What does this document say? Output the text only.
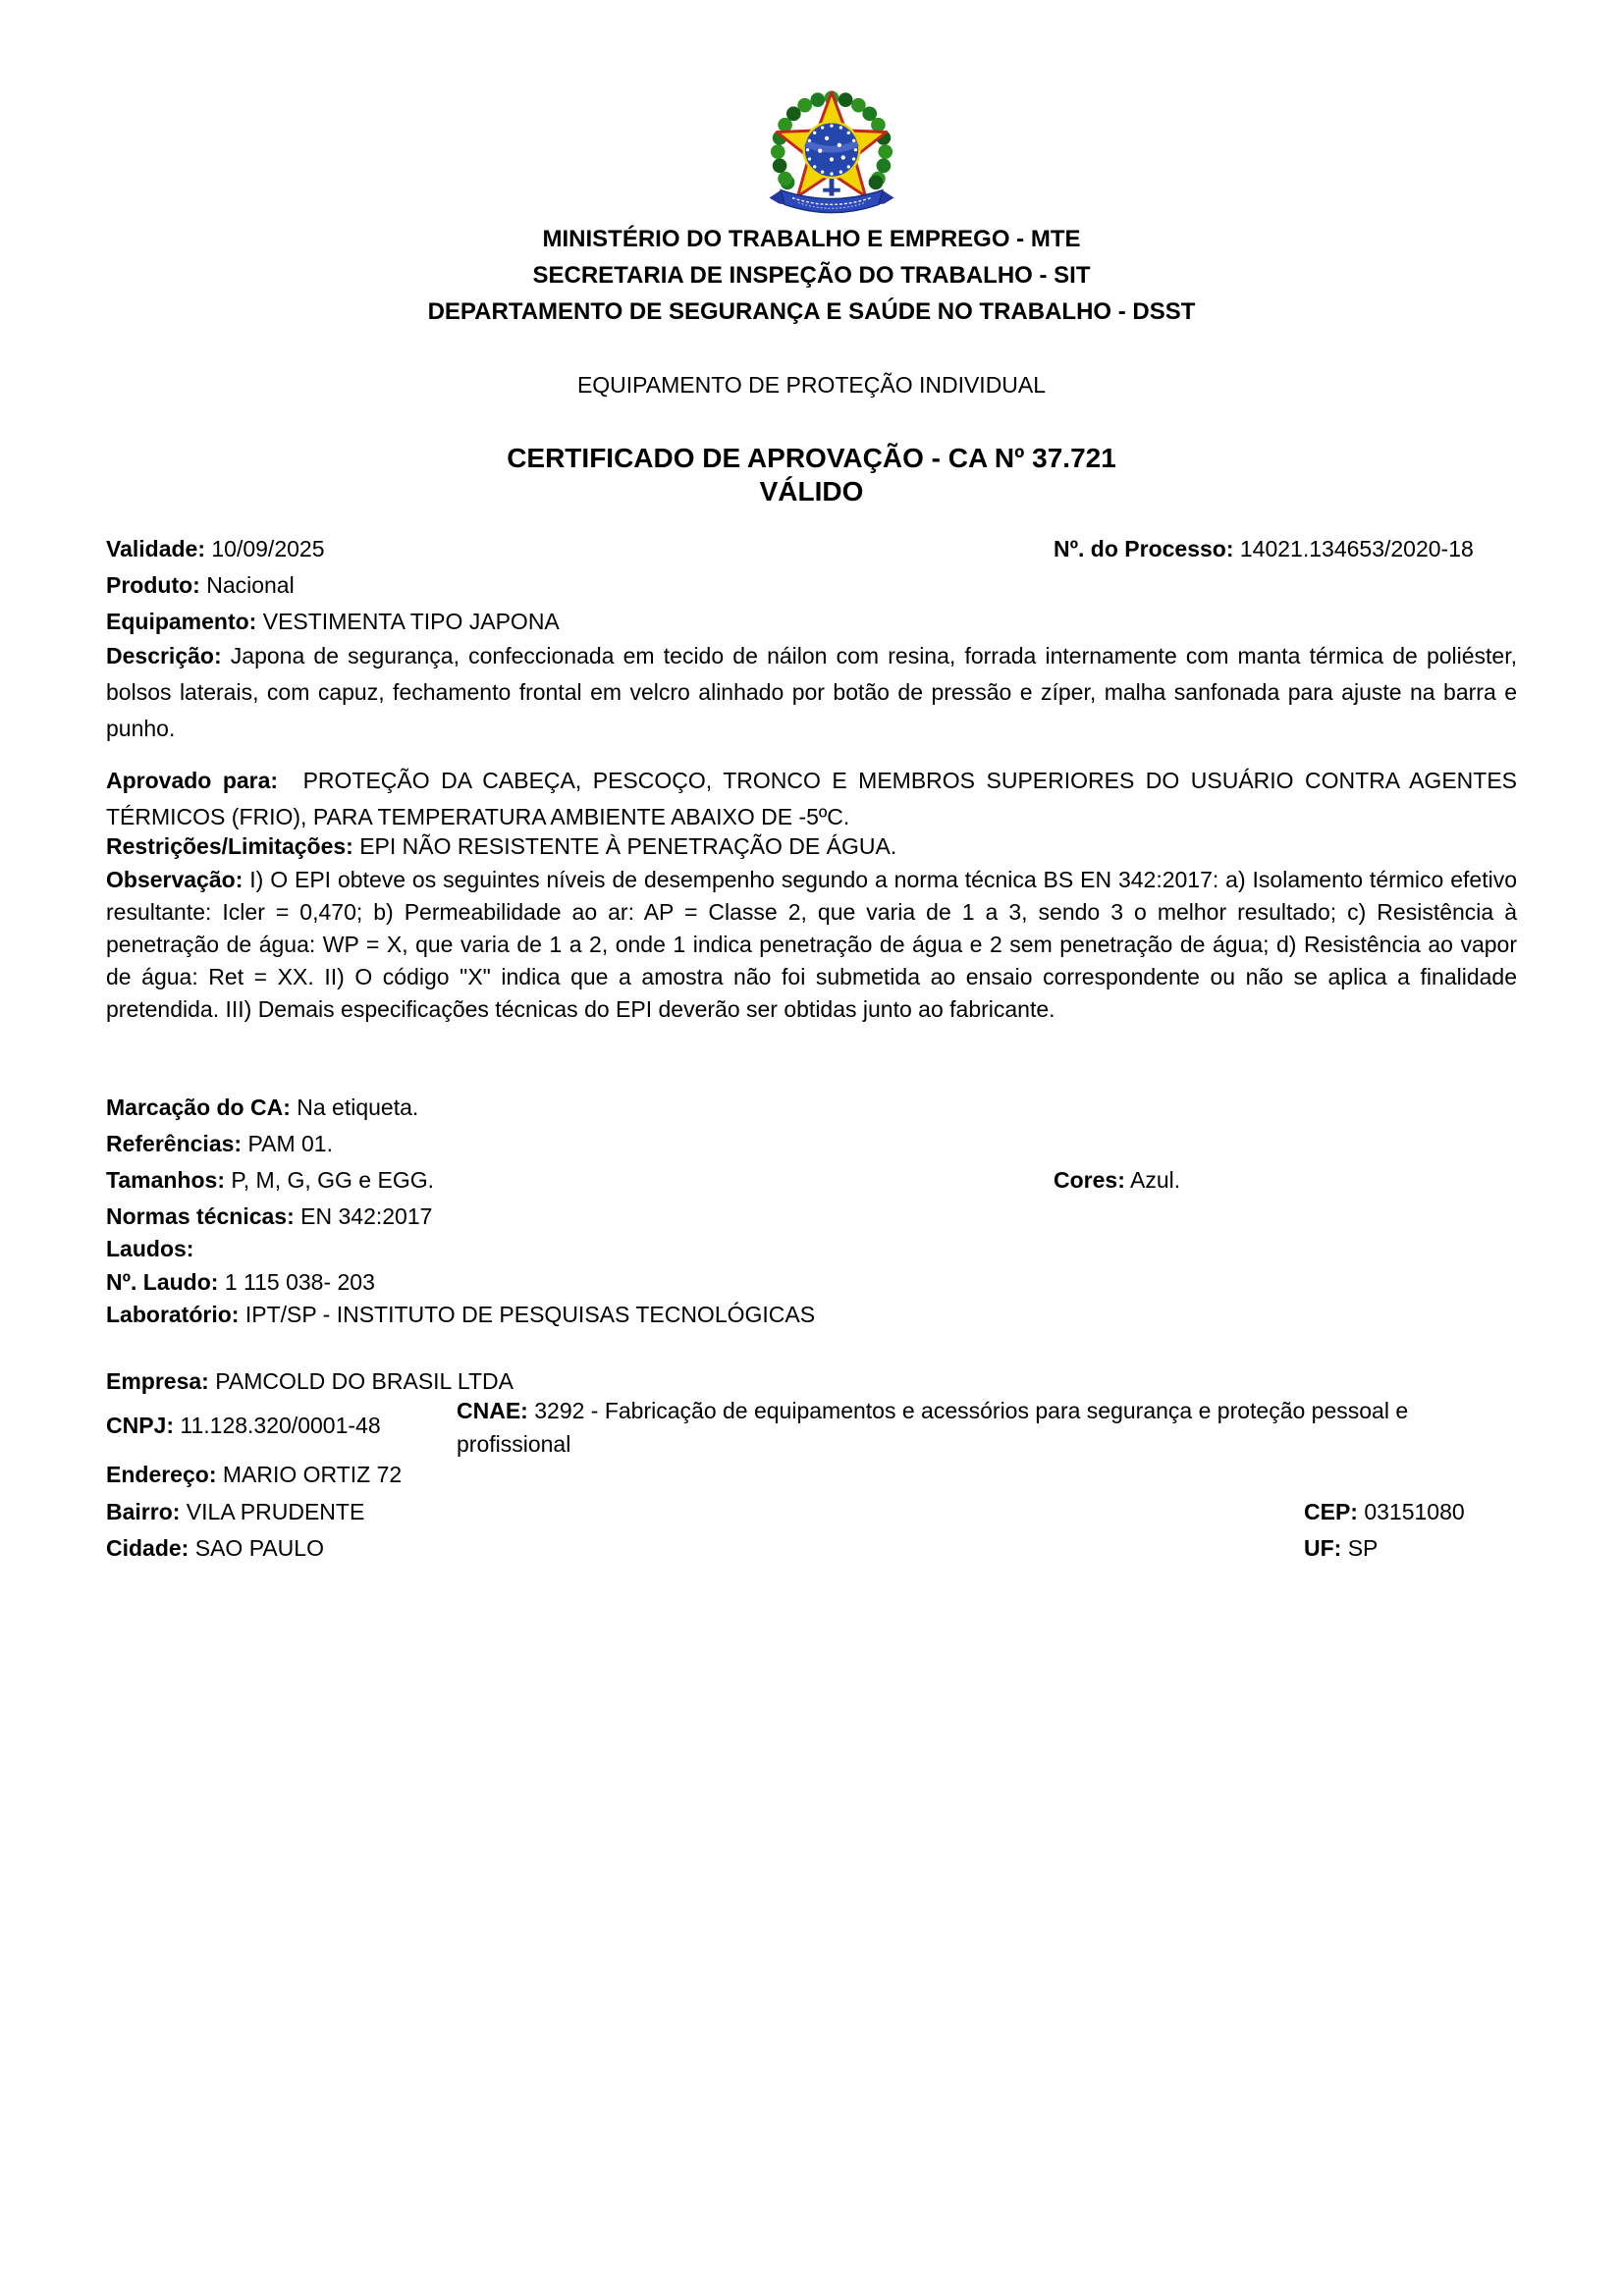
MINISTÉRIO DO TRABALHO E EMPREGO - MTE
SECRETARIA DE INSPEÇÃO DO TRABALHO - SIT
DEPARTAMENTO DE SEGURANÇA E SAÚDE NO TRABALHO - DSST
EQUIPAMENTO DE PROTEÇÃO INDIVIDUAL
CERTIFICADO DE APROVAÇÃO - CA Nº 37.721
VÁLIDO
Validade: 10/09/2025	Nº. do Processo: 14021.134653/2020-18
Produto: Nacional
Equipamento: VESTIMENTA TIPO JAPONA

Descrição: Japona de segurança, confeccionada em tecido de náilon com resina, forrada internamente com manta térmica de poliéster, bolsos laterais, com capuz, fechamento frontal em velcro alinhado por botão de pressão e zíper, malha sanfonada para ajuste na barra e punho.

Aprovado para: PROTEÇÃO DA CABEÇA, PESCOÇO, TRONCO E MEMBROS SUPERIORES DO USUÁRIO CONTRA AGENTES TÉRMICOS (FRIO), PARA TEMPERATURA AMBIENTE ABAIXO DE -5ºC.

Restrições/Limitações: EPI NÃO RESISTENTE À PENETRAÇÃO DE ÁGUA.

Observação: I) O EPI obteve os seguintes níveis de desempenho segundo a norma técnica BS EN 342:2017: a) Isolamento térmico efetivo resultante: Icler = 0,470; b) Permeabilidade ao ar: AP = Classe 2, que varia de 1 a 3, sendo 3 o melhor resultado; c) Resistência à penetração de água: WP = X, que varia de 1 a 2, onde 1 indica penetração de água e 2 sem penetração de água; d) Resistência ao vapor de água: Ret = XX. II) O código "X" indica que a amostra não foi submetida ao ensaio correspondente ou não se aplica a finalidade pretendida. III) Demais especificações técnicas do EPI deverão ser obtidas junto ao fabricante.

Marcação do CA: Na etiqueta.
Referências: PAM 01.
Tamanhos: P, M, G, GG e EGG.	Cores: Azul.
Normas técnicas: EN 342:2017
Laudos:
Nº. Laudo: 1 115 038- 203
Laboratório: IPT/SP - INSTITUTO DE PESQUISAS TECNOLÓGICAS
Empresa: PAMCOLD DO BRASIL LTDA
CNPJ: 11.128.320/0001-48

CNAE: 3292 - Fabricação de equipamentos e acessórios para segurança e proteção pessoal e profissional

Endereço: MARIO ORTIZ 72
Bairro: VILA PRUDENTE	CEP: 03151080
Cidade: SAO PAULO	UF: SP
